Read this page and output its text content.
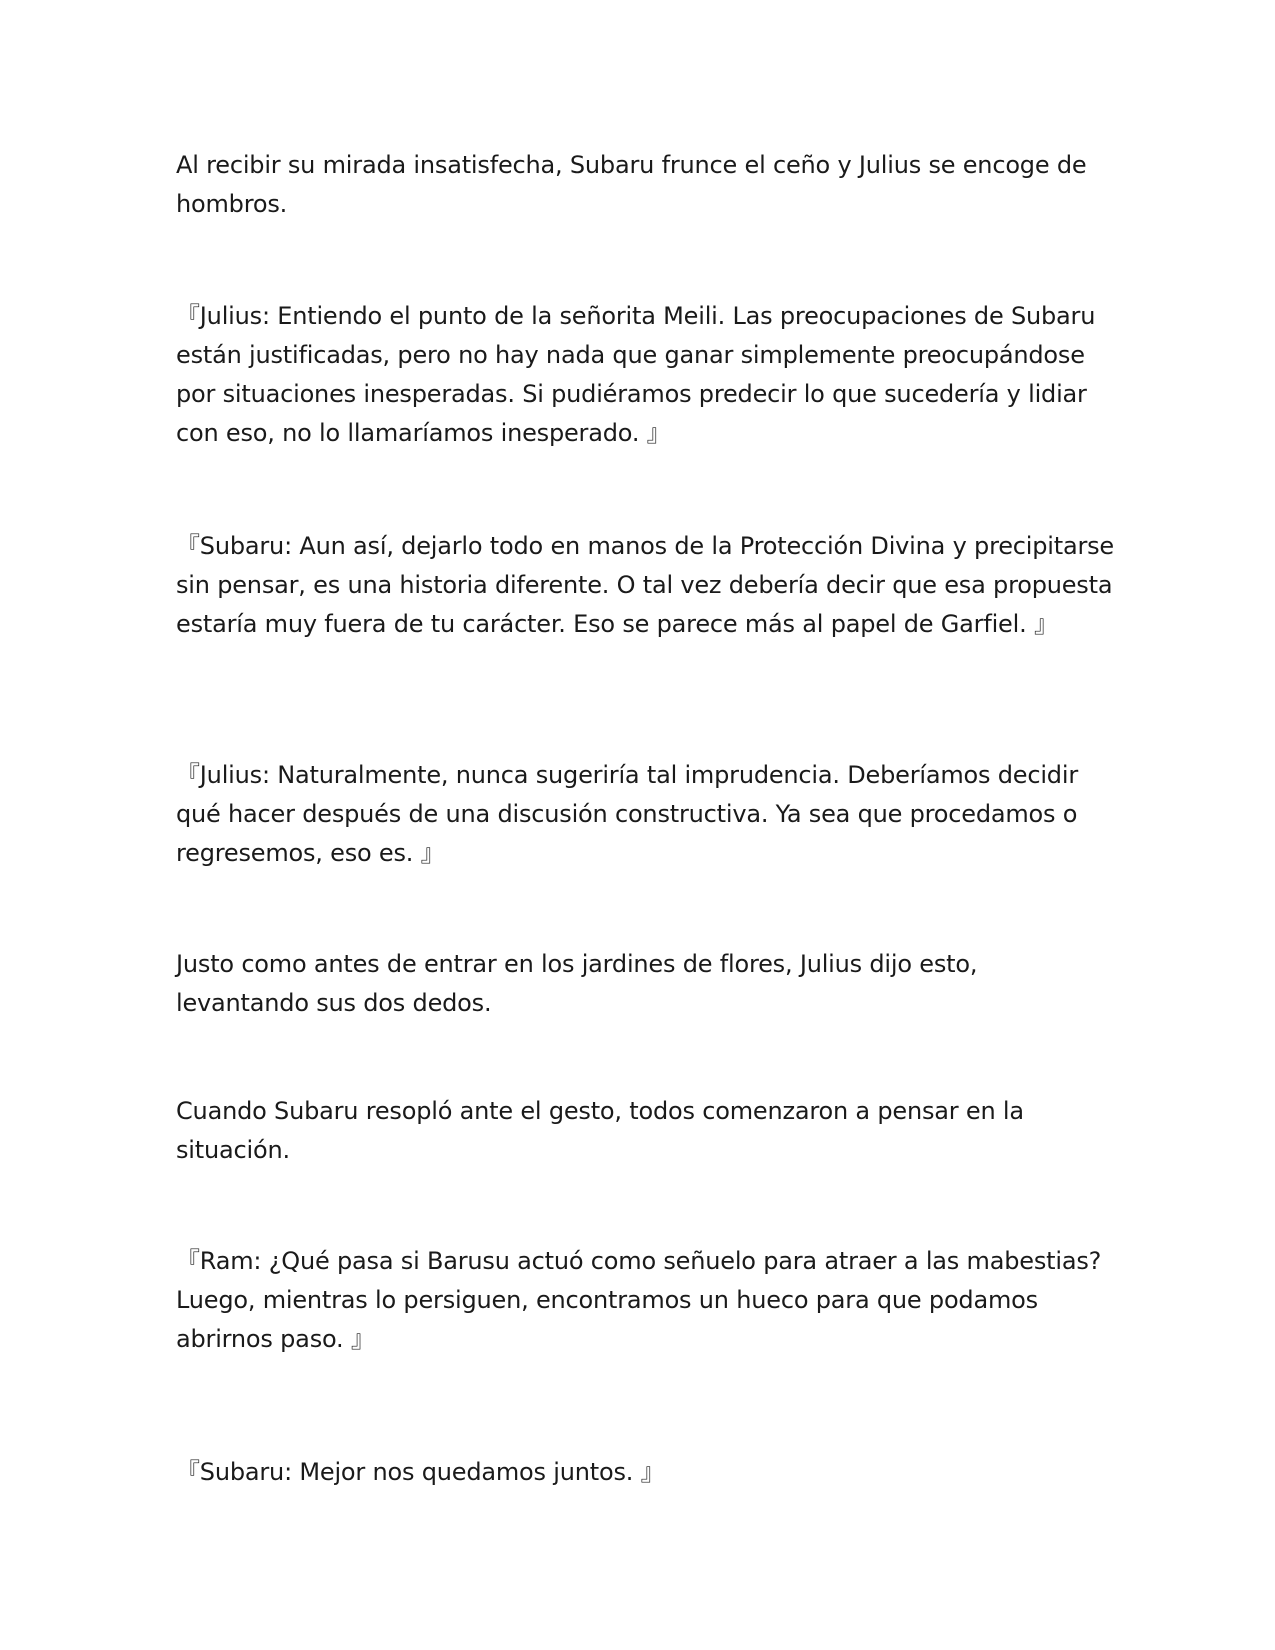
Al recibir su mirada insatisfecha, Subaru frunce el ceño y Julius se encoge de hombros.

『Julius: Entiendo el punto de la señorita Meili. Las preocupaciones de Subaru están justificadas, pero no hay nada que ganar simplemente preocupándose por situaciones inesperadas. Si pudiéramos predecir lo que sucedería y lidiar con eso, no lo llamaríamos inesperado. 』

『Subaru: Aun así, dejarlo todo en manos de la Protección Divina y precipitarse sin pensar, es una historia diferente. O tal vez debería decir que esa propuesta estaría muy fuera de tu carácter. Eso se parece más al papel de Garfiel. 』

『Julius: Naturalmente, nunca sugeriría tal imprudencia. Deberíamos decidir qué hacer después de una discusión constructiva. Ya sea que procedamos o regresemos, eso es. 』

Justo como antes de entrar en los jardines de flores, Julius dijo esto, levantando sus dos dedos.

Cuando Subaru resopló ante el gesto, todos comenzaron a pensar en la situación.

『Ram: ¿Qué pasa si Barusu actuó como señuelo para atraer a las mabestias? Luego, mientras lo persiguen, encontramos un hueco para que podamos abrirnos paso. 』

『Subaru: Mejor nos quedamos juntos. 』
